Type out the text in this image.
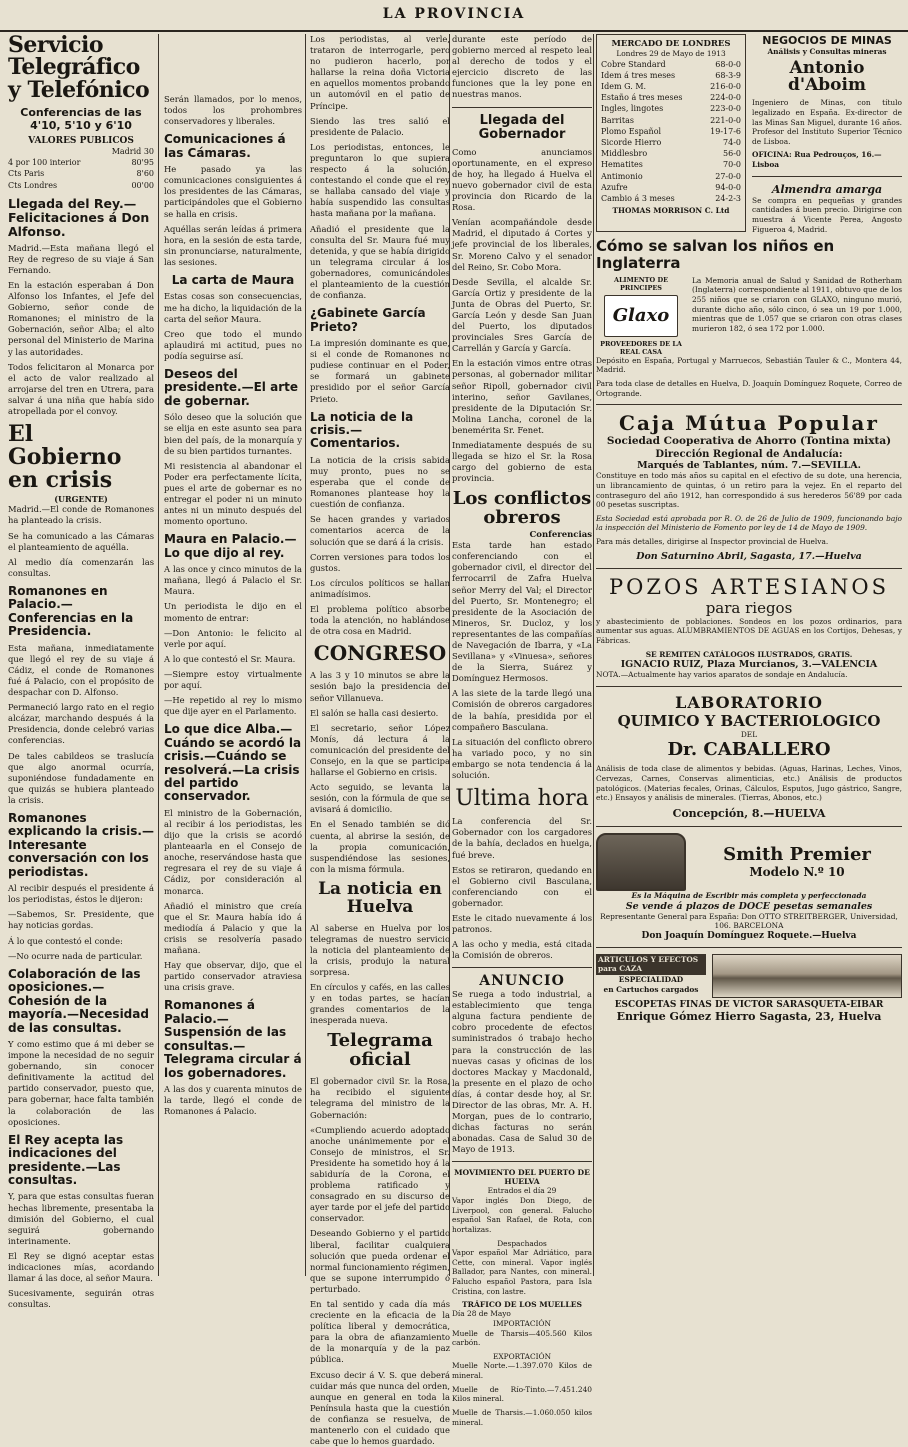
LA PROVINCIA
Servicio Telegráfico y Telefónico
Conferencias de las 4'10, 5'10 y 6'10
VALORES PUBLICOS
Madrid 30
4 por 100 interior	80'95
Cts Paris	8'60
Cts Londres	00'00
Llegada del Rey.—Felicitaciones á Don Alfonso.

Madrid.—Esta mañana llegó el Rey de regreso de su viaje á San Fernando.

En la estación esperaban á Don Alfonso los Infantes, el Jefe del Gobierno, señor conde de Romanones; el ministro de la Gobernación, señor Alba; el alto personal del Ministerio de Marina y las autoridades.

Todos felicitaron al Monarca por el acto de valor realizado al arrojarse del tren en Utrera, para salvar á una niña que había sido atropellada por el convoy.

El Gobierno en crisis
(URGENTE)

Madrid.—El conde de Romanones ha planteado la crisis.

Se ha comunicado a las Cámaras el planteamiento de aquélla.

Al medio día comenzarán las consultas.

Romanones en Palacio.—Conferencias en la Presidencia.

Esta mañana, inmediatamente que llegó el rey de su viaje á Cádiz, el conde de Romanones fué á Palacio, con el propósito de despachar con D. Alfonso.

Permaneció largo rato en el regio alcázar, marchando después á la Presidencia, donde celebró varias conferencias.

De tales cabildeos se traslucía que algo anormal ocurría, suponiéndose fundadamente en que quizás se hubiera planteado la crisis.

Romanones explicando la crisis.—Interesante conversación con los periodistas.

Al recibir después el presidente á los periodistas, éstos le dijeron:

—Sabemos, Sr. Presidente, que hay noticias gordas.

Á lo que contestó el conde:

—No ocurre nada de particular.

Colaboración de las oposiciones.—Cohesión de la mayoría.—Necesidad de las consultas.

Y como estimo que á mi deber se impone la necesidad de no seguir gobernando, sin conocer definitivamente la actitud del partido conservador, puesto que, para gobernar, hace falta también la colaboración de las oposiciones.

El Rey acepta las indicaciones del presidente.—Las consultas.

Y, para que estas consultas fueran hechas libremente, presentaba la dimisión del Gobierno, el cual seguirá gobernando interinamente.

El Rey se dignó aceptar estas indicaciones mías, acordando llamar á las doce, al señor Maura.

Sucesivamente, seguirán otras consultas.

Serán llamados, por lo menos, todos los prohombres conservadores y liberales.

Comunicaciones á las Cámaras.

He pasado ya las comunicaciones consiguientes á los presidentes de las Cámaras, participándoles que el Gobierno se halla en crisis.

Aquéllas serán leídas á primera hora, en la sesión de esta tarde, sin pronunciarse, naturalmente, las sesiones.

La carta de Maura

Estas cosas son consecuencias, me ha dicho, la liquidación de la carta del señor Maura.

Creo que todo el mundo aplaudirá mi actitud, pues no podía seguirse así.

Deseos del presidente.—El arte de gobernar.

Sólo deseo que la solución que se elija en este asunto sea para bien del país, de la monarquía y de su bien partidos turnantes.

Mi resistencia al abandonar el Poder era perfectamente lícita, pues el arte de gobernar es no entregar el poder ni un minuto antes ni un minuto después del momento oportuno.

Maura en Palacio.—Lo que dijo al rey.

A las once y cinco minutos de la mañana, llegó á Palacio el Sr. Maura.

Un periodista le dijo en el momento de entrar:

—Don Antonio: le felicito al verle por aquí.

A lo que contestó el Sr. Maura.

—Siempre estoy virtualmente por aquí.

—He repetido al rey lo mismo que dije ayer en el Parlamento.

Lo que dice Alba.—Cuándo se acordó la crisis.—Cuándo se resolverá.—La crisis del partido conservador.

El ministro de la Gobernación, al recibir á los periodistas, les dijo que la crisis se acordó planteaarla en el Consejo de anoche, reservándose hasta que regresara el rey de su viaje á Cádiz, por consideración al monarca.

Añadió el ministro que creía que el Sr. Maura había ido á mediodía á Palacio y que la crisis se resolvería pasado mañana.

Hay que observar, dijo, que el partido conservador atraviesa una crisis grave.

Romanones á Palacio.—Suspensión de las consultas.—Telegrama circular á los gobernadores.

A las dos y cuarenta minutos de la tarde, llegó el conde de Romanones á Palacio.

Los periodistas, al verle, trataron de interrogarle, pero no pudieron hacerlo, por hallarse la reina doña Victoria en aquellos momentos probando un automóvil en el patio de Príncipe.

Siendo las tres salió el presidente de Palacio.

Los periodistas, entonces, le preguntaron lo que supiera respecto á la solución, contestando el conde que el rey se hallaba cansado del viaje y había suspendido las consultas hasta mañana por la mañana.

Añadió el presidente que la consulta del Sr. Maura fué muy detenida, y que se había dirigido un telegrama circular á los gobernadores, comunicándoles el planteamiento de la cuestión de confianza.

¿Gabinete García Prieto?

La impresión dominante es que, si el conde de Romanones no pudiese continuar en el Poder, se formará un gabinete presidido por el señor García Prieto.

La noticia de la crisis.—Comentarios.

La noticia de la crisis sabida muy pronto, pues no se esperaba que el conde de Romanones plantease hoy la cuestión de confianza.

Se hacen grandes y variados comentarios acerca de la solución que se dará á la crisis.

Corren versiones para todos los gustos.

Los círculos políticos se hallan animadísimos.

El problema político absorbe toda la atención, no hablándose de otra cosa en Madrid.

CONGRESO

A las 3 y 10 minutos se abre la sesión bajo la presidencia del señor Villanueva.

El salón se halla casi desierto.

El secretario, señor López Monís, dá lectura á la comunicación del presidente del Consejo, en la que se participa hallarse el Gobierno en crisis.

Acto seguido, se levanta la sesión, con la fórmula de que se avisará á domicilio.

En el Senado también se dió cuenta, al abrirse la sesión, de la propia comunicación, suspendiéndose las sesiones, con la misma fórmula.

La noticia en Huelva

Al saberse en Huelva por los telegramas de nuestro servicio la noticia del planteamiento de la crisis, produjo la natural sorpresa.

En círculos y cafés, en las calles y en todas partes, se hacían grandes comentarios de la inesperada nueva.

Telegrama oficial

El gobernador civil Sr. la Rosa, ha recibido el siguiente telegrama del ministro de la Gobernación:

«Cumpliendo acuerdo adoptado anoche unánimemente por el Consejo de ministros, el Sr. Presidente ha sometido hoy á la sabiduría de la Corona, el problema ratificado y consagrado en su discurso de ayer tarde por el jefe del partido conservador.

Deseando Gobierno y el partido liberal, facilitar cualquiera solución que pueda ordenar el normal funcionamiento régimen, que se supone interrumpido ó perturbado.

En tal sentido y cada día más creciente en la eficacia de la política liberal y democrática, para la obra de afianzamiento de la monarquía y de la paz pública.

Excuso decir á V. S. que deberá cuidar más que nunca del orden, aunque en general en toda la Península hasta que la cuestión de confianza se resuelva, de mantenerlo con el cuidado que cabe que lo hemos guardado.

durante este período de gobierno merced al respeto leal al derecho de todos y el ejercicio discreto de las funciones que la ley pone en nuestras manos.

Llegada del Gobernador

Como anunciamos oportunamente, en el expreso de hoy, ha llegado á Huelva el nuevo gobernador civil de esta provincia don Ricardo de la Rosa.

Venían acompañándole desde Madrid, el diputado á Cortes y jefe provincial de los liberales, Sr. Moreno Calvo y el senador del Reino, Sr. Cobo Mora.

Desde Sevilla, el alcalde Sr. García Ortiz y presidente de la Junta de Obras del Puerto, Sr. García León y desde San Juan del Puerto, los diputados provinciales Sres García de Carrellán y García y García.

En la estación vimos entre otras personas, al gobernador militar señor Ripoll, gobernador civil interino, señor Gavilanes, presidente de la Diputación Sr. Molina Lancha, coronel de la benemérita Sr. Fenet.

Inmediatamente después de su llegada se hizo el Sr. la Rosa cargo del gobierno de esta provincia.

Los conflictos obreros
Conferencias

Esta tarde han estado conferenciando con el gobernador civil, el director del ferrocarril de Zafra Huelva señor Merry del Val; el Director del Puerto, Sr. Montenegro; el presidente de la Asociación de Mineros, Sr. Ducloz, y los representantes de las compañías de Navegación de Ibarra, y «La Sevillana» y «Vinuesa», señores de la Sierra, Suárez y Domínguez Hermosos.

A las siete de la tarde llegó una Comisión de obreros cargadores de la bahía, presidida por el compañero Basculana.

La situación del conflicto obrero ha variado poco, y no sin embargo se nota tendencia á la solución.

Ultima hora

La conferencia del Sr. Gobernador con los cargadores de la bahía, declados en huelga, fué breve.

Estos se retiraron, quedando en el Gobierno civil Basculana, conferenciando con el gobernador.

Este le citado nuevamente á los patronos.

A las ocho y media, está citada la Comisión de obreros.

ANUNCIO

Se ruega a todo industrial, a establecimiento que tenga alguna factura pendiente de cobro procedente de efectos suministrados ó trabajo hecho para la construcción de las nuevas casas y oficinas de los doctores Mackay y Macdonald, la presente en el plazo de ocho días, á contar desde hoy, al Sr. Director de las obras, Mr. A. H. Morgan, pues de lo contrario, dichas facturas no serán abonadas. Casa de Salud 30 de Mayo de 1913.

MOVIMIENTO DEL PUERTO DE HUELVA
Entrados el día 29

Vapor inglés Don Diego, de Liverpool, con general. Falucho español San Rafael, de Rota, con hortalizas.

Despachados

Vapor español Mar Adriático, para Cette, con mineral. Vapor inglés Ballador, para Nantes, con mineral. Falucho español Pastora, para Isla Cristina, con lastre.

TRÁFICO DE LOS MUELLES
Día 28 de Mayo
IMPORTACIÓN

Muelle de Tharsis—405.560 Kilos carbón.

EXPORTACIÓN

Muelle Norte.—1.397.070 Kilos de mineral.

Muelle de Río-Tinto.—7.451.240 Kilos mineral.

Muelle de Tharsis.—1.060.050 kilos mineral.

MERCADO DE LONDRES
Londres 29 de Mayo de 1913
Cobre Standard	68-0-0
Idem á tres meses	68-3-9
Idem G. M.	216-0-0
Estaño á tres meses	224-0-0
Ingles, lingotes	223-0-0
Barritas	221-0-0
Plomo Español	19-17-6
Sicorde Hierro	74-0
Middlesbro	56-0
Hematites	70-0
Antimonio	27-0-0
Azufre	94-0-0
Cambio á 3 meses	24-2-3
THOMAS MORRISON C. Ltd
NEGOCIOS DE MINAS
Análisis y Consultas mineras
Antonio d'Aboim

Ingeniero de Minas, con título legalizado en España. Ex-director de las Minas San Miguel, durante 16 años. Profesor del Instituto Superior Técnico de Lisboa.

OFICINA: Rua Pedrouços, 16.—Lisboa
Almendra amarga

Se compra en pequeñas y grandes cantidades á buen precio. Dirigirse con muestra á Vicente Perea, Angosto Figueroa 4, Madrid.

Cómo se salvan los niños en Inglaterra
ALIMENTO DE PRINCIPES
Glaxo
PROVEEDORES DE LA REAL CASA

La Memoria anual de Salud y Sanidad de Rotherham (Inglaterra) correspondiente al 1911, obtuvo que de los 255 niños que se criaron con GLAXO, ninguno murió, durante dicho año, sólo cinco, ó sea un 19 por 1.000, mientras que de 1.057 que se criaron con otras clases murieron 182, ó sea 172 por 1.000.

Depósito en España, Portugal y Marruecos, Sebastián Tauler & C., Montera 44, Madrid.

Para toda clase de detalles en Huelva, D. Joaquín Domínguez Roquete, Correo de Ortogrande.

Caja Mútua Popular
Sociedad Cooperativa de Ahorro (Tontina mixta)
Dirección Regional de Andalucía:
Marqués de Tablantes, núm. 7.—SEVILLA.

Constituye en todo más años su capital en el efectivo de su dote, una herencia, un librancamiento de quintas, ó un retiro para la vejez. En el reparto del contraseguro del año 1912, han correspondido á sus herederos 56'89 por cada 00 pesetas suscriptas.

Esta Sociedad está aprobada por R. O. de 26 de Julio de 1909, funcionando bajo la inspección del Ministerio de Fomento por ley de 14 de Mayo de 1909.

Para más detalles, dirigirse al Inspector provincial de Huelva.

Don Saturnino Abril, Sagasta, 17.—Huelva
POZOS ARTESIANOS
para riegos

y abastecimiento de poblaciones. Sondeos en los pozos ordinarios, para aumentar sus aguas. ALUMBRAMIENTOS DE AGUAS en los Cortijos, Dehesas, y Fábricas.

SE REMITEN CATÁLOGOS ILUSTRADOS, GRATIS.
IGNACIO RUIZ, Plaza Murcianos, 3.—VALENCIA
NOTA.—Actualmente hay varios aparatos de sondaje en Andalucía.
LABORATORIO
QUIMICO Y BACTERIOLOGICO
DEL
Dr. CABALLERO

Análisis de toda clase de alimentos y bebidas. (Aguas, Harinas, Leches, Vinos, Cervezas, Carnes, Conservas alimenticias, etc.) Análisis de productos patológicos. (Materias fecales, Orinas, Cálculos, Esputos, Jugo gástrico, Sangre, etc.) Ensayos y análisis de minerales. (Tierras, Abonos, etc.)

Concepción, 8.—HUELVA
Smith Premier
Modelo N.º 10
Es la Máquina de Escribir más completa y perfeccionada
Se vende á plazos de DOCE pesetas semanales
Representante General para España: Don OTTO STREITBERGER, Universidad, 106. BARCELONA
Don Joaquín Domínguez Roquete.—Huelva
ARTICULOS Y EFECTOS para CAZA
ESPECIALIDAD
en Cartuchos cargados
ESCOPETAS FINAS DE VICTOR SARASQUETA-EIBAR
Enrique Gómez Hierro Sagasta, 23, Huelva
